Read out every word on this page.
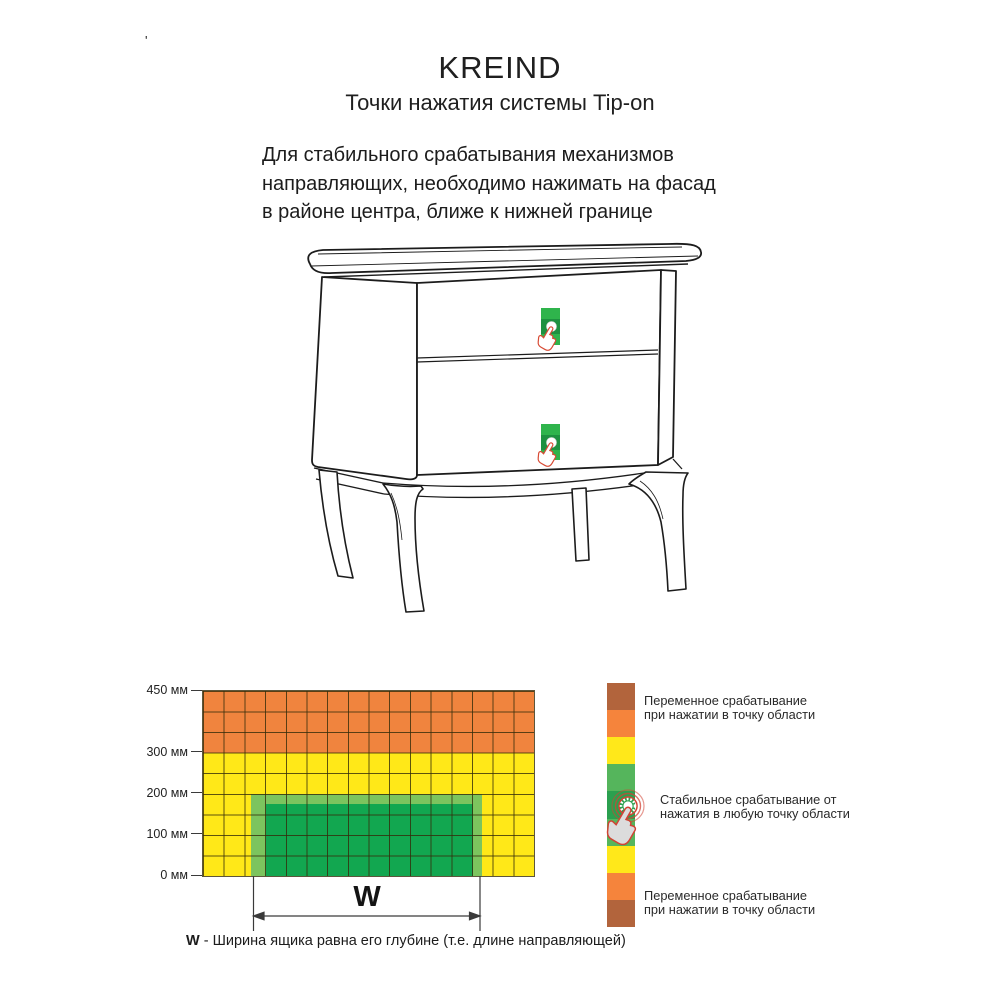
'
KREIND
Точки нажатия системы Tip-on
Для стабильного срабатывания механизмов
направляющих, необходимо нажимать на фасад
в районе центра, ближе к нижней границе
450 мм
300 мм
200 мм
100 мм
0 мм
W
W - Ширина ящика равна его глубине (т.е. длине направляющей)
Переменное срабатывание
при нажатии в точку области
Стабильное срабатывание от
нажатия в любую точку области
Переменное срабатывание
при нажатии в точку области
